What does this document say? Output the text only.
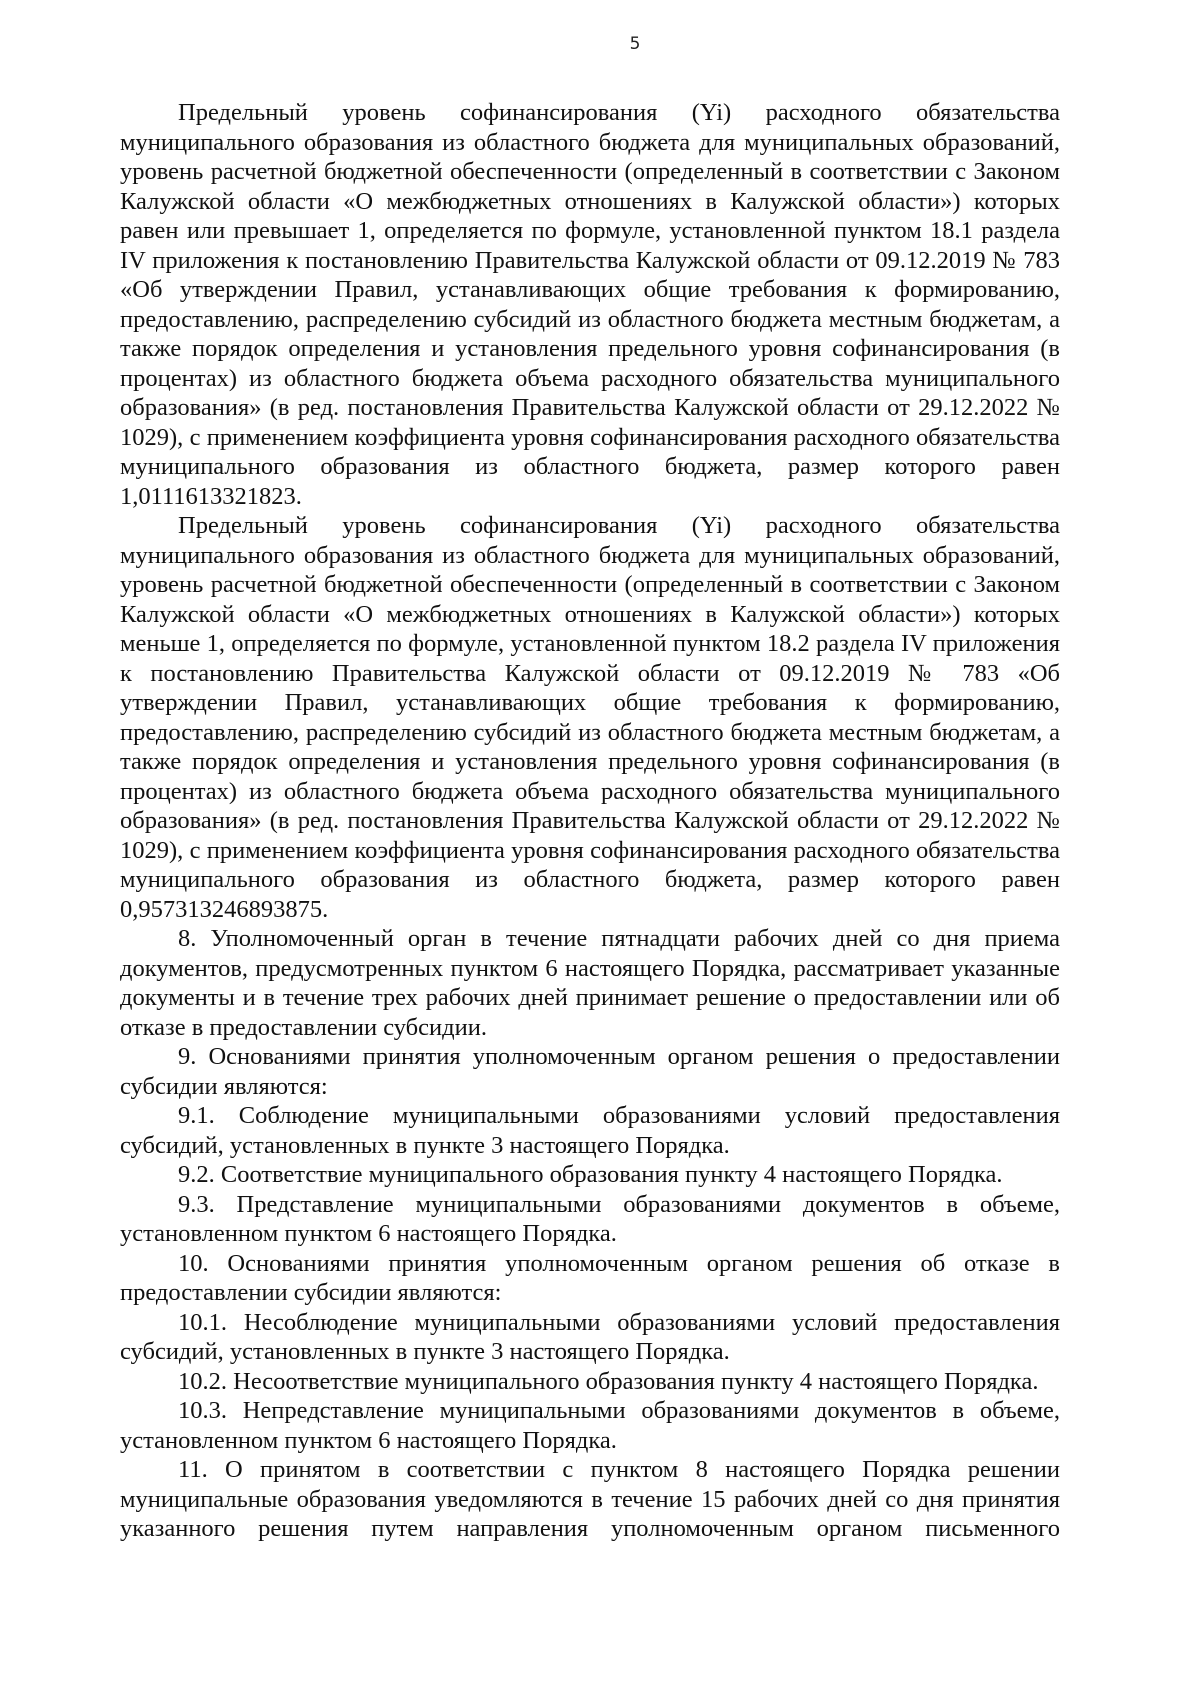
5

Предельный уровень софинансирования (Yi) расходного обязательства муниципального образования из областного бюджета для муниципальных образований, уровень расчетной бюджетной обеспеченности (определенный в соответствии с Законом Калужской области «О межбюджетных отношениях в Калужской области») которых равен или превышает 1, определяется по формуле, установленной пунктом 18.1 раздела IV приложения к постановлению Правительства Калужской области от 09.12.2019 № 783 «Об утверждении Правил, устанавливающих общие требования к формированию, предоставлению, распределению субсидий из областного бюджета местным бюджетам, а также порядок определения и установления предельного уровня софинансирования (в процентах) из областного бюджета объема расходного обязательства муниципального образования» (в ред. постановления Правительства Калужской области от 29.12.2022 № 1029), с применением коэффициента уровня софинансирования расходного обязательства муниципального образования из областного бюджета, размер которого равен 1,0111613321823.

Предельный уровень софинансирования (Yi) расходного обязательства муниципального образования из областного бюджета для муниципальных образований, уровень расчетной бюджетной обеспеченности (определенный в соответствии с Законом Калужской области «О межбюджетных отношениях в Калужской области») которых меньше 1, определяется по формуле, установленной пунктом 18.2 раздела IV приложения к постановлению Правительства Калужской области от 09.12.2019 № 783 «Об утверждении Правил, устанавливающих общие требования к формированию, предоставлению, распределению субсидий из областного бюджета местным бюджетам, а также порядок определения и установления предельного уровня софинансирования (в процентах) из областного бюджета объема расходного обязательства муниципального образования» (в ред. постановления Правительства Калужской области от 29.12.2022 № 1029), с применением коэффициента уровня софинансирования расходного обязательства муниципального образования из областного бюджета, размер которого равен 0,957313246893875.

8. Уполномоченный орган в течение пятнадцати рабочих дней со дня приема документов, предусмотренных пунктом 6 настоящего Порядка, рассматривает указанные документы и в течение трех рабочих дней принимает решение о предоставлении или об отказе в предоставлении субсидии.

9. Основаниями принятия уполномоченным органом решения о предоставлении субсидии являются:

9.1. Соблюдение муниципальными образованиями условий предоставления субсидий, установленных в пункте 3 настоящего Порядка.

9.2. Соответствие муниципального образования пункту 4 настоящего Порядка.

9.3. Представление муниципальными образованиями документов в объеме, установленном пунктом 6 настоящего Порядка.

10. Основаниями принятия уполномоченным органом решения об отказе в предоставлении субсидии являются:

10.1. Несоблюдение муниципальными образованиями условий предоставления субсидий, установленных в пункте 3 настоящего Порядка.

10.2. Несоответствие муниципального образования пункту 4 настоящего Порядка.

10.3. Непредставление муниципальными образованиями документов в объеме, установленном пунктом 6 настоящего Порядка.

11. О принятом в соответствии с пунктом 8 настоящего Порядка решении муниципальные образования уведомляются в течение 15 рабочих дней со дня принятия указанного решения путем направления уполномоченным органом письменного
